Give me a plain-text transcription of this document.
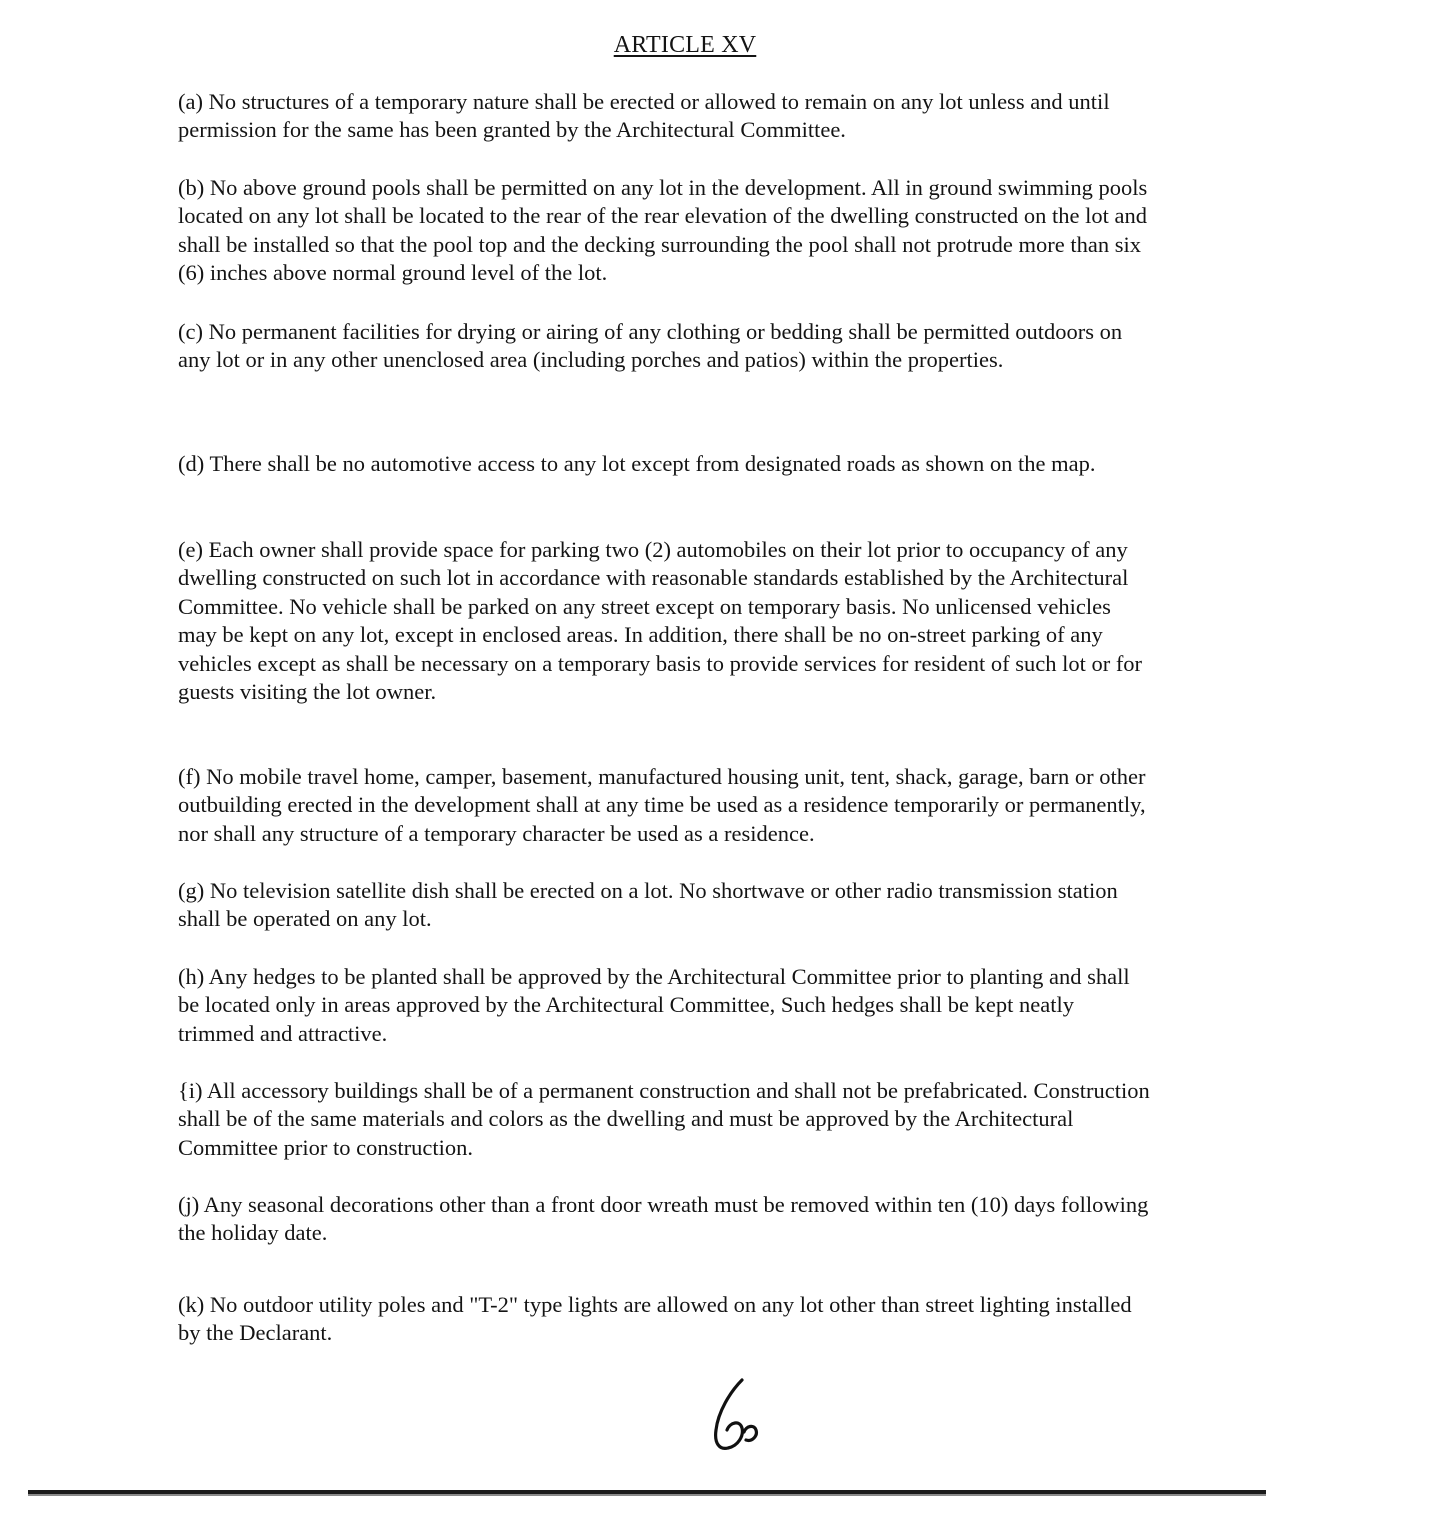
ARTICLE XV

(a) No structures of a temporary nature shall be erected or allowed to remain on any lot unless and until permission for the same has been granted by the Architectural Committee.

(b) No above ground pools shall be permitted on any lot in the development. All in ground swimming pools located on any lot shall be located to the rear of the rear elevation of the dwelling constructed on the lot and shall be installed so that the pool top and the decking surrounding the pool shall not protrude more than six (6) inches above normal ground level of the lot.

(c) No permanent facilities for drying or airing of any clothing or bedding shall be permitted outdoors on any lot or in any other unenclosed area (including porches and patios) within the properties.

(d) There shall be no automotive access to any lot except from designated roads as shown on the map.

(e) Each owner shall provide space for parking two (2) automobiles on their lot prior to occupancy of any dwelling constructed on such lot in accordance with reasonable standards established by the Architectural Committee. No vehicle shall be parked on any street except on temporary basis. No unlicensed vehicles may be kept on any lot, except in enclosed areas. In addition, there shall be no on-street parking of any vehicles except as shall be necessary on a temporary basis to provide services for resident of such lot or for guests visiting the lot owner.

(f) No mobile travel home, camper, basement, manufactured housing unit, tent, shack, garage, barn or other outbuilding erected in the development shall at any time be used as a residence temporarily or permanently, nor shall any structure of a temporary character be used as a residence.

(g) No television satellite dish shall be erected on a lot. No shortwave or other radio transmission station shall be operated on any lot.

(h) Any hedges to be planted shall be approved by the Architectural Committee prior to planting and shall be located only in areas approved by the Architectural Committee, Such hedges shall be kept neatly trimmed and attractive.

{i) All accessory buildings shall be of a permanent construction and shall not be prefabricated. Construction shall be of the same materials and colors as the dwelling and must be approved by the Architectural Committee prior to construction.

(j) Any seasonal decorations other than a front door wreath must be removed within ten (10) days following the holiday date.

(k) No outdoor utility poles and "T-2" type lights are allowed on any lot other than street lighting installed by the Declarant.
